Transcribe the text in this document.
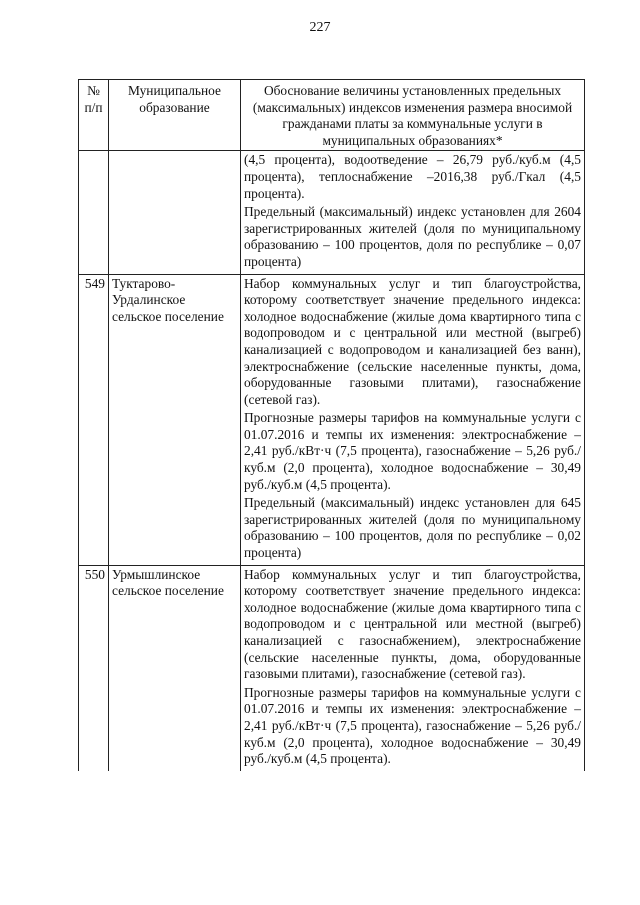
227
№ п/п	Муниципальное образование	Обоснование величины установленных предельных (максимальных) индексов изменения размера вносимой гражданами платы за коммунальные услуги в муниципальных образованиях*

		(4,5 процента), водоотведение – 26,79 руб./куб.м (4,5 процента), теплоснабжение –2016,38 руб./Гкал (4,5 процента).

Предельный (максимальный) индекс установлен для 2604 зарегистрированных жителей (доля по муниципальному образованию – 100 процентов, доля по республике – 0,07 процента)

549	Туктарово-Урдалинское сельское поселение	Набор коммунальных услуг и тип благоустройства, которому соответствует значение предельного индекса: холодное водоснабжение (жилые дома квартирного типа с водопроводом и с центральной или местной (выгреб) канализацией с водопроводом и канализацией без ванн), электроснабжение (сельские населенные пункты, дома, оборудованные газовыми плитами), газоснабжение (сетевой газ).

Прогнозные размеры тарифов на коммунальные услуги с 01.07.2016 и темпы их изменения: электроснабжение – 2,41 руб./кВт·ч (7,5 процента), газоснабжение – 5,26 руб./куб.м (2,0 процента), холодное водоснабжение – 30,49 руб./куб.м (4,5 процента).

Предельный (максимальный) индекс установлен для 645 зарегистрированных жителей (доля по муниципальному образованию – 100 процентов, доля по республике – 0,02 процента)

550	Урмышлинское сельское поселение	Набор коммунальных услуг и тип благоустройства, которому соответствует значение предельного индекса: холодное водоснабжение (жилые дома квартирного типа с водопроводом и с центральной или местной (выгреб) канализацией с газоснабжением), электроснабжение (сельские населенные пункты, дома, оборудованные газовыми плитами), газоснабжение (сетевой газ).

Прогнозные размеры тарифов на коммунальные услуги с 01.07.2016 и темпы их изменения: электроснабжение – 2,41 руб./кВт·ч (7,5 процента), газоснабжение – 5,26 руб./куб.м (2,0 процента), холодное водоснабжение – 30,49 руб./куб.м (4,5 процента).
